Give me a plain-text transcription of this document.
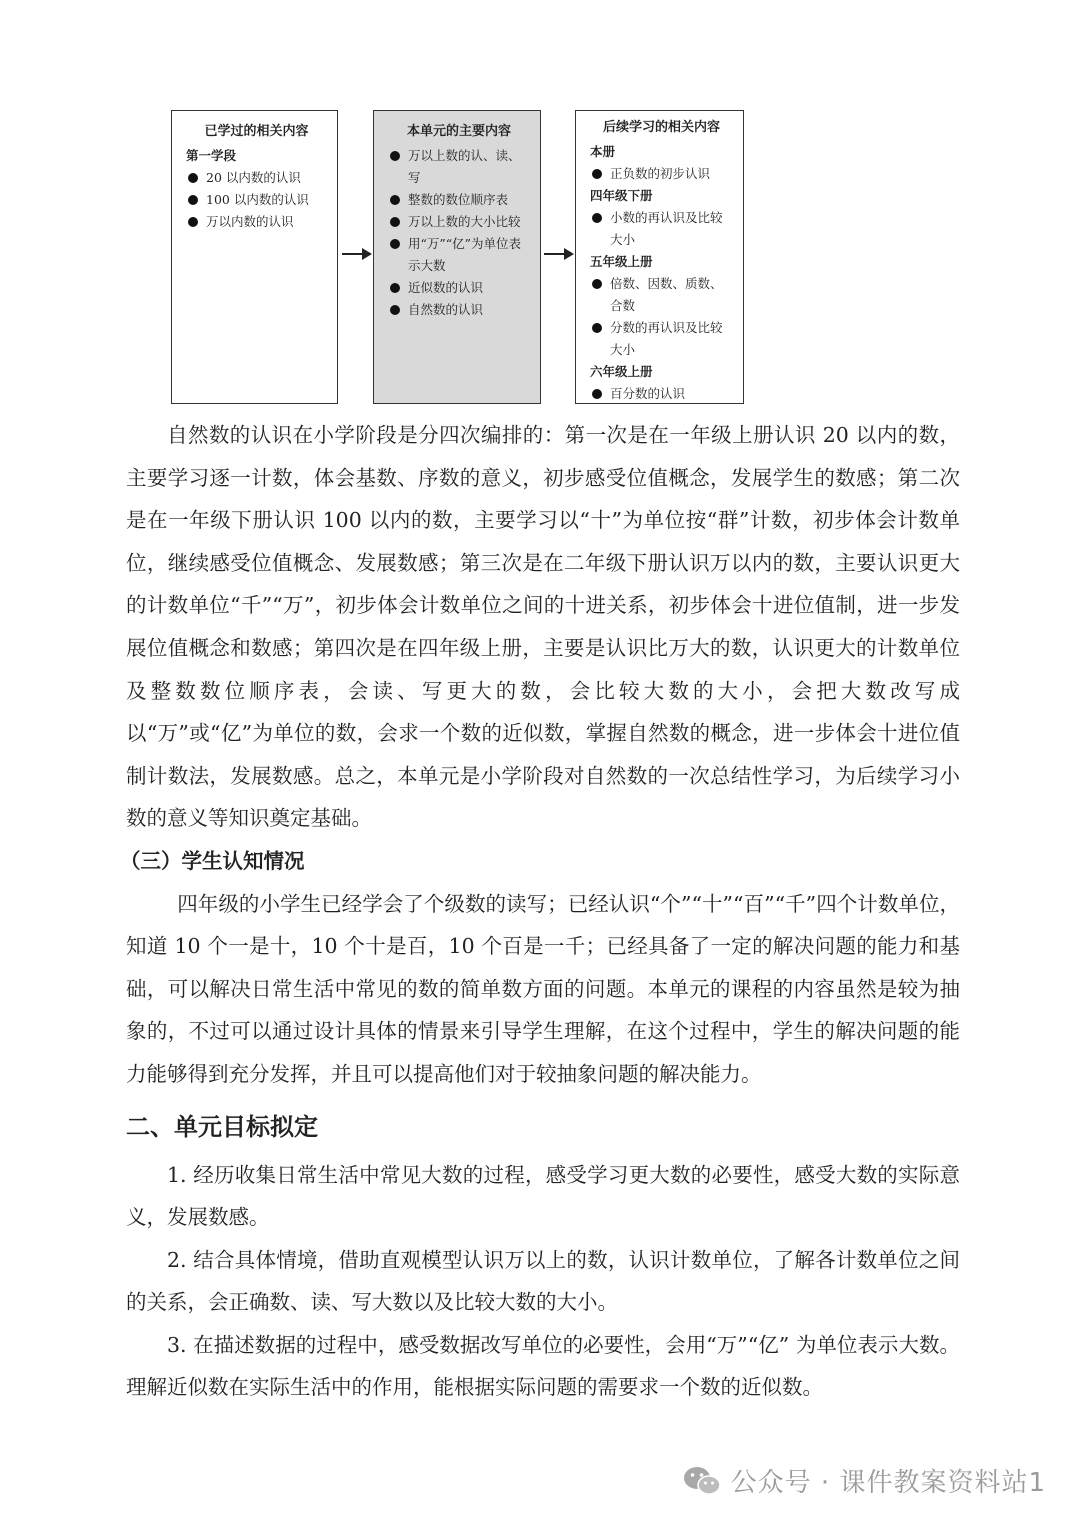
已学过的相关内容
第一学段
20 以内数的认识
100 以内数的认识
万以内数的认识
本单元的主要内容
万以上数的认、读、写
整数的数位顺序表
万以上数的大小比较
用“万”“亿”为单位表示大数
近似数的认识
自然数的认识
后续学习的相关内容
本册
正负数的初步认识
四年级下册
小数的再认识及比较大小
五年级上册
倍数、因数、质数、合数
分数的再认识及比较大小
六年级上册
百分数的认识

自然数的认识在小学阶段是分四次编排的：第一次是在一年级上册认识 20 以内的数，主要学习逐一计数，体会基数、序数的意义，初步感受位值概念，发展学生的数感；第二次是在一年级下册认识 100 以内的数，主要学习以“十”为单位按“群”计数，初步体会计数单位，继续感受位值概念、发展数感；第三次是在二年级下册认识万以内的数，主要认识更大的计数单位“千”“万”，初步体会计数单位之间的十进关系，初步体会十进位值制，进一步发展位值概念和数感；第四次是在四年级上册，主要是认识比万大的数，认识更大的计数单位及整数数位顺序表，会读、写更大的数，会比较大数的大小，会把大数改写成以“万”或“亿”为单位的数，会求一个数的近似数，掌握自然数的概念，进一步体会十进位值制计数法，发展数感。总之，本单元是小学阶段对自然数的一次总结性学习，为后续学习小数的意义等知识奠定基础。

（三）学生认知情况

四年级的小学生已经学会了个级数的读写；已经认识“个”“十”“百”“千”四个计数单位，知道 10 个一是十，10 个十是百，10 个百是一千；已经具备了一定的解决问题的能力和基础，可以解决日常生活中常见的数的简单数方面的问题。本单元的课程的内容虽然是较为抽象的，不过可以通过设计具体的情景来引导学生理解，在这个过程中，学生的解决问题的能力能够得到充分发挥，并且可以提高他们对于较抽象问题的解决能力。

二、单元目标拟定

1. 经历收集日常生活中常见大数的过程，感受学习更大数的必要性，感受大数的实际意义，发展数感。

2. 结合具体情境，借助直观模型认识万以上的数，认识计数单位，了解各计数单位之间的关系，会正确数、读、写大数以及比较大数的大小。

3. 在描述数据的过程中，感受数据改写单位的必要性，会用“万”“亿” 为单位表示大数。理解近似数在实际生活中的作用，能根据实际问题的需要求一个数的近似数。

公众号 · 课件教案资料站1
